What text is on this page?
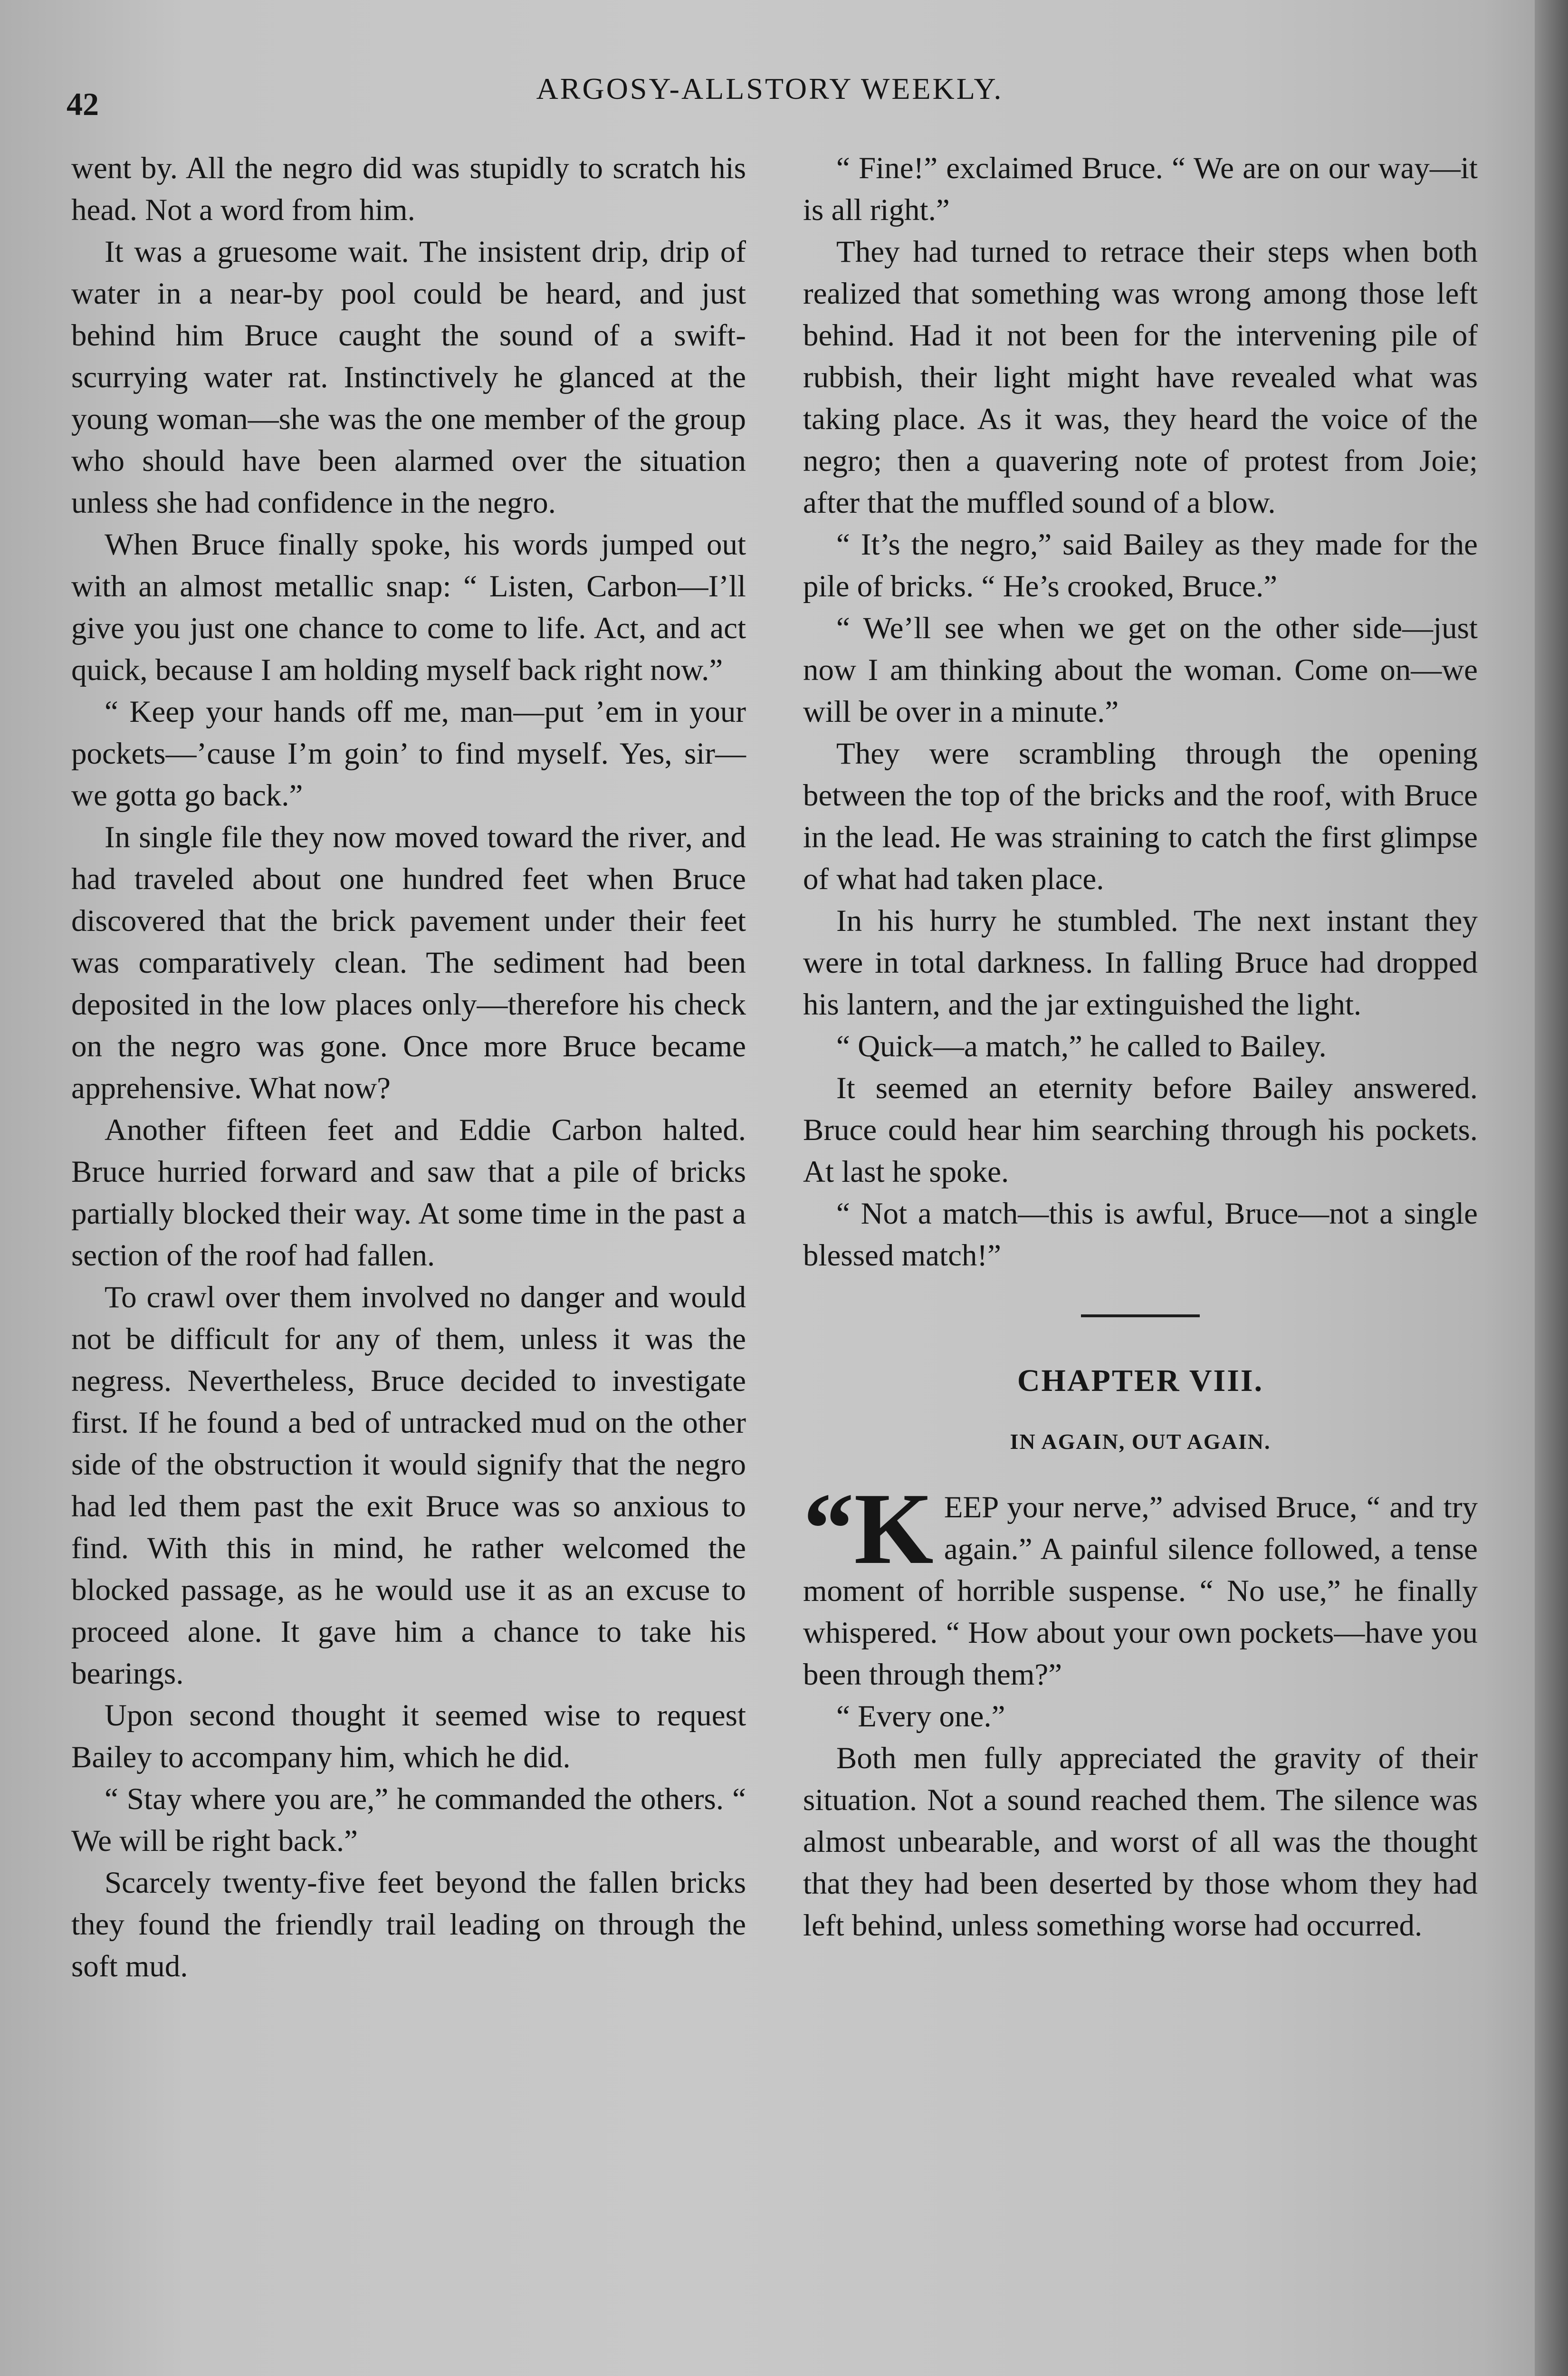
42	ARGOSY-ALLSTORY WEEKLY.

went by. All the negro did was stupidly to scratch his head. Not a word from him.

It was a gruesome wait. The insistent drip, drip of water in a near-by pool could be heard, and just behind him Bruce caught the sound of a swift-scurrying water rat. Instinctively he glanced at the young woman—she was the one member of the group who should have been alarmed over the situation unless she had confidence in the negro.

When Bruce finally spoke, his words jumped out with an almost metallic snap: “ Listen, Carbon—I’ll give you just one chance to come to life. Act, and act quick, because I am holding myself back right now.”

“ Keep your hands off me, man—put ’em in your pockets—’cause I’m goin’ to find myself. Yes, sir—we gotta go back.”

In single file they now moved toward the river, and had traveled about one hundred feet when Bruce discovered that the brick pavement under their feet was comparatively clean. The sediment had been deposited in the low places only—therefore his check on the negro was gone. Once more Bruce became apprehensive. What now?

Another fifteen feet and Eddie Carbon halted. Bruce hurried forward and saw that a pile of bricks partially blocked their way. At some time in the past a section of the roof had fallen.

To crawl over them involved no danger and would not be difficult for any of them, unless it was the negress. Nevertheless, Bruce decided to investigate first. If he found a bed of untracked mud on the other side of the obstruction it would signify that the negro had led them past the exit Bruce was so anxious to find. With this in mind, he rather welcomed the blocked passage, as he would use it as an excuse to proceed alone. It gave him a chance to take his bearings.

Upon second thought it seemed wise to request Bailey to accompany him, which he did.

“ Stay where you are,” he commanded the others. “ We will be right back.”

Scarcely twenty-five feet beyond the fallen bricks they found the friendly trail leading on through the soft mud.

“ Fine!” exclaimed Bruce. “ We are on our way—it is all right.”

They had turned to retrace their steps when both realized that something was wrong among those left behind. Had it not been for the intervening pile of rubbish, their light might have revealed what was taking place. As it was, they heard the voice of the negro; then a quavering note of protest from Joie; after that the muffled sound of a blow.

“ It’s the negro,” said Bailey as they made for the pile of bricks. “ He’s crooked, Bruce.”

“ We’ll see when we get on the other side—just now I am thinking about the woman. Come on—we will be over in a minute.”

They were scrambling through the opening between the top of the bricks and the roof, with Bruce in the lead. He was straining to catch the first glimpse of what had taken place.

In his hurry he stumbled. The next instant they were in total darkness. In falling Bruce had dropped his lantern, and the jar extinguished the light.

“ Quick—a match,” he called to Bailey.

It seemed an eternity before Bailey answered. Bruce could hear him searching through his pockets. At last he spoke.

“ Not a match—this is awful, Bruce—not a single blessed match!”

CHAPTER VIII.
IN AGAIN, OUT AGAIN.

“K EEP your nerve,” advised Bruce, “ and try again.” A painful silence followed, a tense moment of horrible suspense. “ No use,” he finally whispered. “ How about your own pockets—have you been through them?”

“ Every one.”

Both men fully appreciated the gravity of their situation. Not a sound reached them. The silence was almost unbearable, and worst of all was the thought that they had been deserted by those whom they had left behind, unless something worse had occurred.
